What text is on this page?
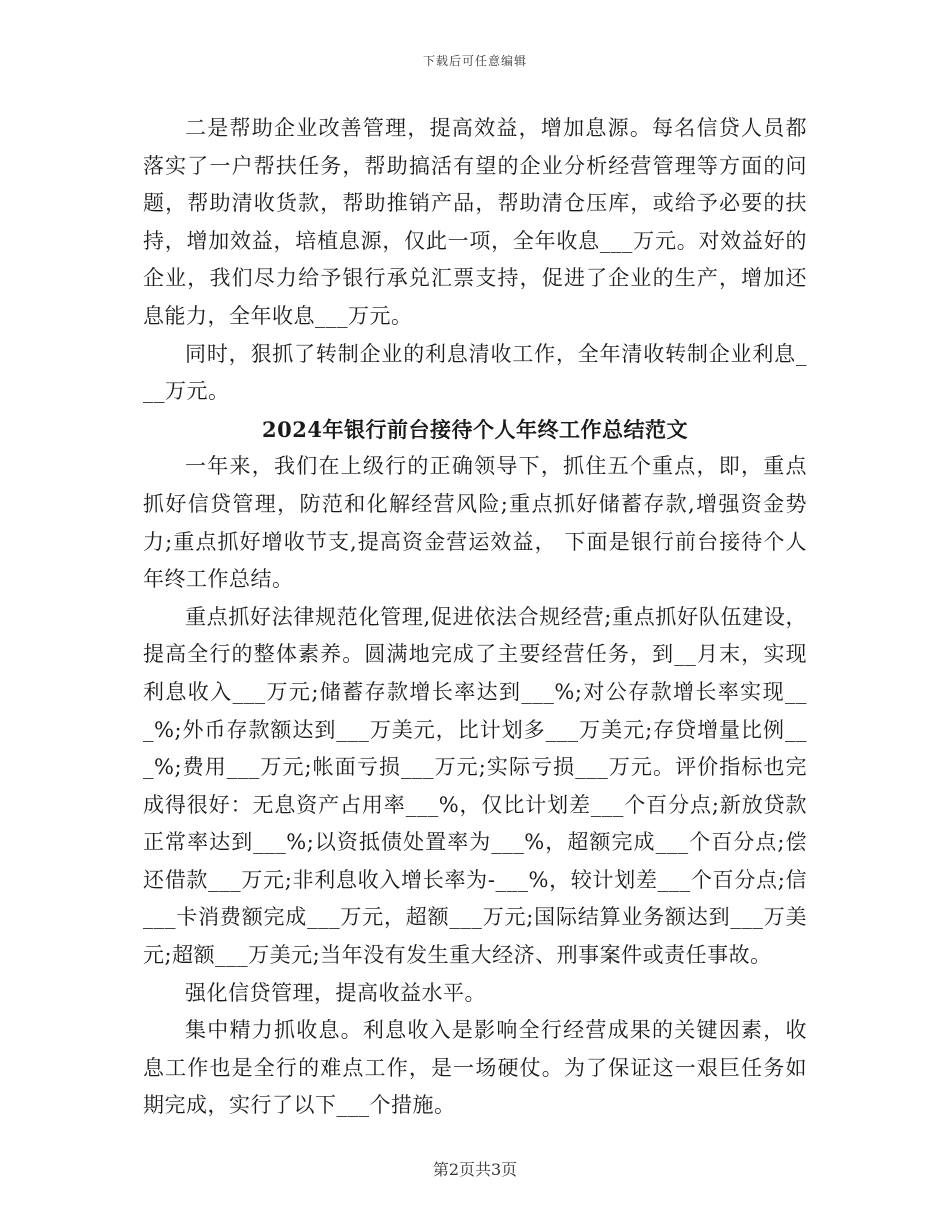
下载后可任意编辑

二是帮助企业改善管理，提高效益，增加息源。每名信贷人员都落实了一户帮扶任务，帮助搞活有望的企业分析经营管理等方面的问题，帮助清收货款，帮助推销产品，帮助清仓压库，或给予必要的扶持，增加效益，培植息源，仅此一项，全年收息___万元。对效益好的企业，我们尽力给予银行承兑汇票支持，促进了企业的生产，增加还息能力，全年收息___万元。

同时，狠抓了转制企业的利息清收工作，全年清收转制企业利息___万元。

2024年银行前台接待个人年终工作总结范文

一年来，我们在上级行的正确领导下，抓住五个重点，即，重点抓好信贷管理，防范和化解经营风险;重点抓好储蓄存款,增强资金势力;重点抓好增收节支,提高资金营运效益， 下面是银行前台接待个人年终工作总结。

重点抓好法律规范化管理,促进依法合规经营;重点抓好队伍建设，提高全行的整体素养。圆满地完成了主要经营任务，到__月末，实现利息收入___万元;储蓄存款增长率达到___%;对公存款增长率实现___%;外币存款额达到___万美元，比计划多___万美元;存贷增量比例___%;费用___万元;帐面亏损___万元;实际亏损___万元。评价指标也完成得很好：无息资产占用率___%，仅比计划差___个百分点;新放贷款正常率达到___%;以资抵债处置率为___%，超额完成___个百分点;偿还借款___万元;非利息收入增长率为-___%，较计划差___个百分点;信___卡消费额完成___万元，超额___万元;国际结算业务额达到___万美元;超额___万美元;当年没有发生重大经济、刑事案件或责任事故。

强化信贷管理，提高收益水平。

集中精力抓收息。利息收入是影响全行经营成果的关键因素，收息工作也是全行的难点工作，是一场硬仗。为了保证这一艰巨任务如期完成，实行了以下___个措施。

第2页共3页
